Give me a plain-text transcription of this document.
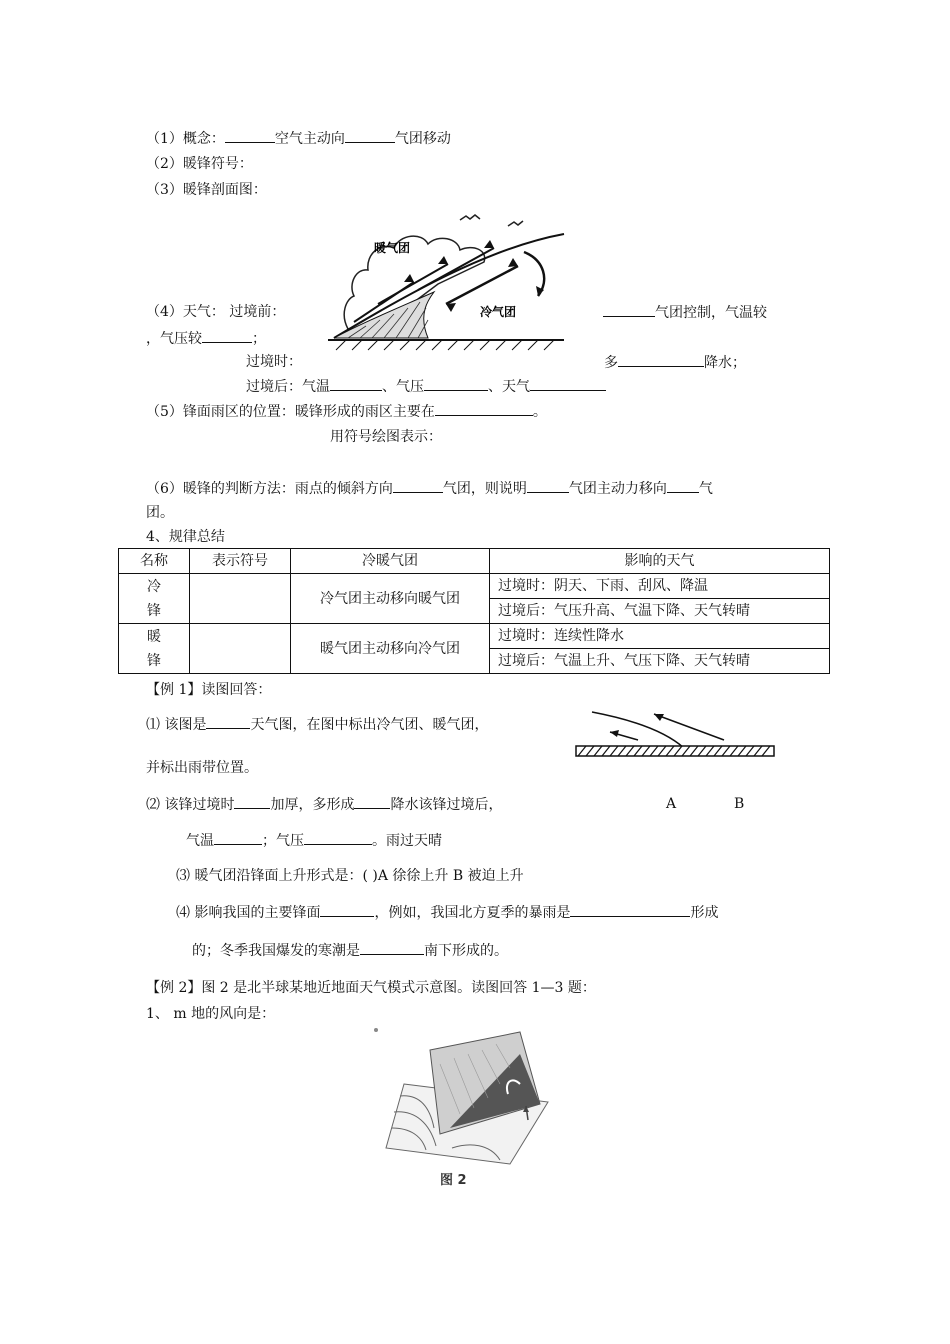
（1）概念：	空气主动向	气团移动
（2）暖锋符号：
（3）暖锋剖面图：
暖气团
冷气团
（4）天气： 过境前：	气团控制，气温较
，气压较	；
过境时：	多	降水；
过境后：气温	、气压	、天气
（5）锋面雨区的位置：暖锋形成的雨区主要在	。
用符号绘图表示：
（6）暖锋的判断方法：雨点的倾斜方向	气团，则说明	气团主动力移向 气
团。
4、规律总结
名称	表示符号	冷暖气团	影响的天气
冷
锋		冷气团主动移向暖气团	过境时：阴天、下雨、刮风、降温
			过境后：气压升高、气温下降、天气转晴
暖
锋		暖气团主动移向冷气团	过境时：连续性降水
			过境后：气温上升、气压下降、天气转晴
【例 1】读图回答：
⑴ 该图是	天气图，在图中标出冷气团、暖气团，
并标出雨带位置。
⑵ 该锋过境时	加厚，多形成	降水该锋过境后，	A	B
气温	；气压	。雨过天晴
⑶ 暖气团沿锋面上升形式是：( )A 徐徐上升 B 被迫上升
⑷ 影响我国的主要锋面	，例如，我国北方夏季的暴雨是	形成
的；冬季我国爆发的寒潮是	南下形成的。
【例 2】图 2 是北半球某地近地面天气模式示意图。读图回答 1—3 题：
1、 m 地的风向是：
图 2
